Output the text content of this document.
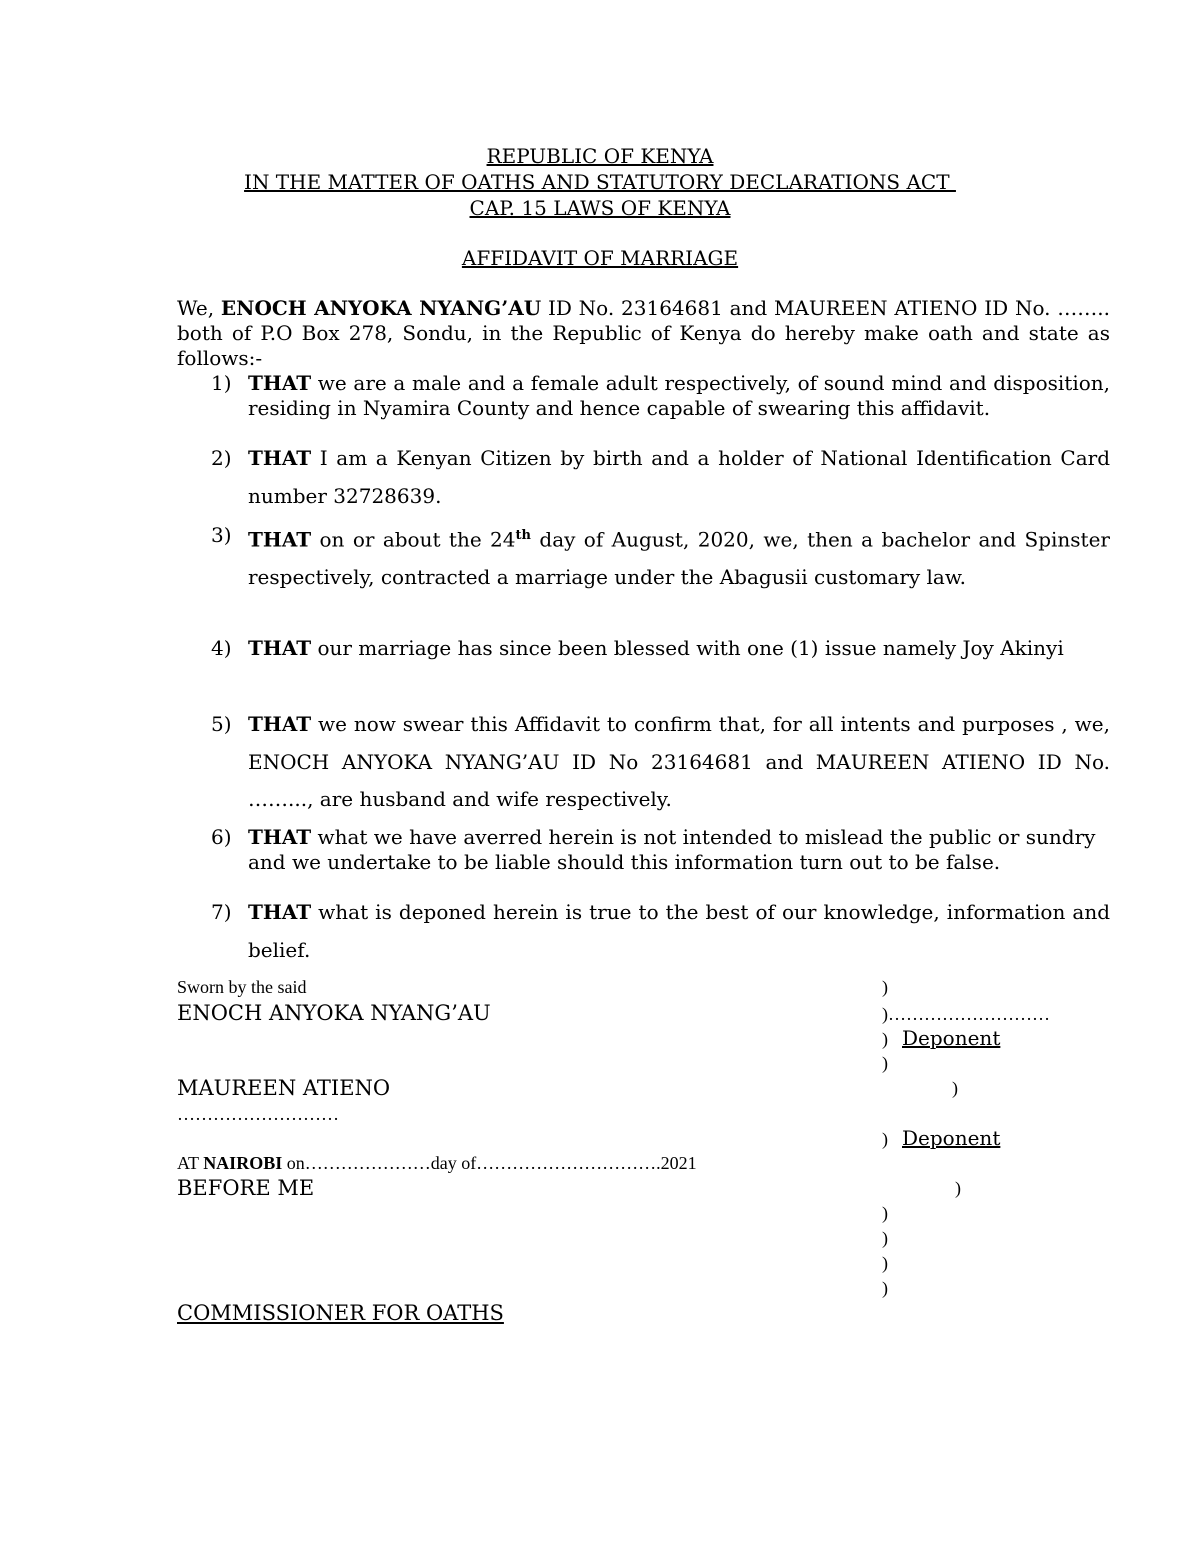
REPUBLIC OF KENYA
IN THE MATTER OF OATHS AND STATUTORY DECLARATIONS ACT
CAP. 15 LAWS OF KENYA
AFFIDAVIT OF MARRIAGE
We, ENOCH ANYOKA NYANG’AU ID No. 23164681 and MAUREEN ATIENO ID No. …….. both of P.O Box 278, Sondu, in the Republic of Kenya do hereby make oath and state as follows:-
1) THAT we are a male and a female adult respectively, of sound mind and disposition, residing in Nyamira County and hence capable of swearing this affidavit.
2) THAT I am a Kenyan Citizen by birth and a holder of National Identification Card number 32728639.
3) THAT on or about the 24th day of August, 2020, we, then a bachelor and Spinster respectively, contracted a marriage under the Abagusii customary law.
4) THAT our marriage has since been blessed with one (1) issue namely Joy Akinyi
5) THAT we now swear this Affidavit to confirm that, for all intents and purposes , we, ENOCH ANYOKA NYANG’AU ID No 23164681 and MAUREEN ATIENO ID No. ……..., are husband and wife respectively.
6) THAT what we have averred herein is not intended to mislead the public or sundry and we undertake to be liable should this information turn out to be false.
7) THAT what is deponed herein is true to the best of our knowledge, information and belief.
Sworn by the said
ENOCH ANYOKA NYANG’AU
MAUREEN ATIENO
………………………
AT NAIROBI on…………………day of………………………….2021
BEFORE ME
COMMISSIONER FOR OATHS
)
)………………………
) Deponent
)
)
) Deponent
)
)
)
)
)
